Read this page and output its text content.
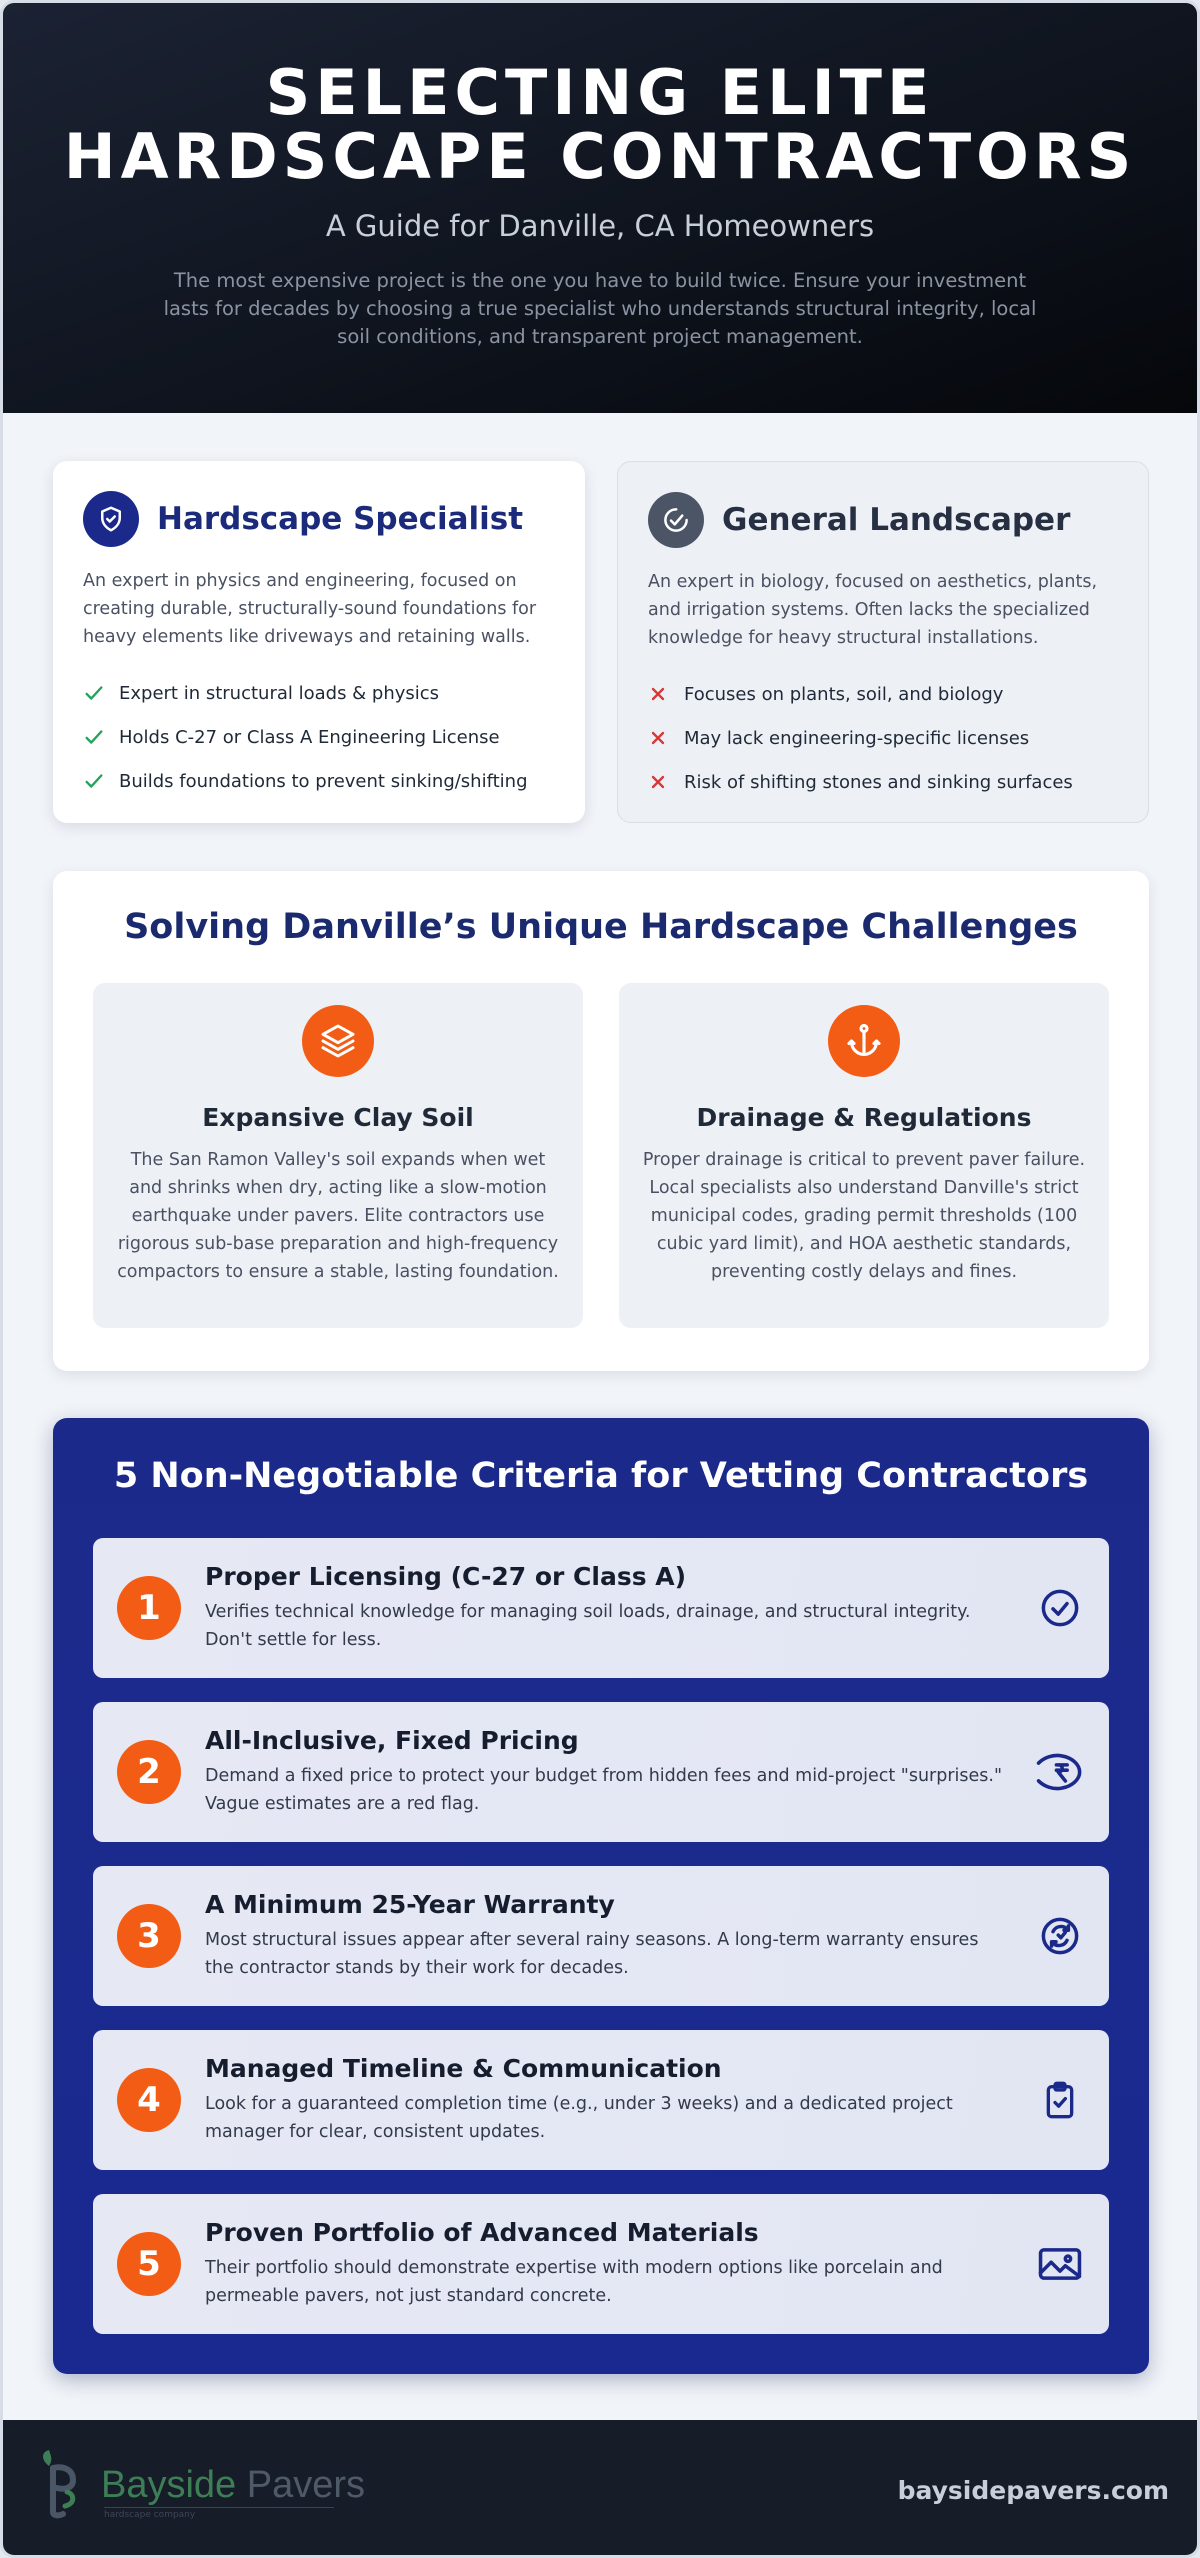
SELECTING ELITE HARDSCAPE CONTRACTORS
A Guide for Danville, CA Homeowners

The most expensive project is the one you have to build twice. Ensure your investment lasts for decades by choosing a true specialist who understands structural integrity, local soil conditions, and transparent project management.

Hardscape Specialist

An expert in physics and engineering, focused on creating durable, structurally-sound foundations for heavy elements like driveways and retaining walls.

Expert in structural loads & physics
Holds C-27 or Class A Engineering License
Builds foundations to prevent sinking/shifting
General Landscaper

An expert in biology, focused on aesthetics, plants, and irrigation systems. Often lacks the specialized knowledge for heavy structural installations.

Focuses on plants, soil, and biology
May lack engineering-specific licenses
Risk of shifting stones and sinking surfaces
Solving Danville’s Unique Hardscape Challenges
Expansive Clay Soil

The San Ramon Valley's soil expands when wet and shrinks when dry, acting like a slow-motion earthquake under pavers. Elite contractors use rigorous sub-base preparation and high-frequency compactors to ensure a stable, lasting foundation.

Drainage & Regulations

Proper drainage is critical to prevent paver failure. Local specialists also understand Danville's strict municipal codes, grading permit thresholds (100 cubic yard limit), and HOA aesthetic standards, preventing costly delays and fines.

5 Non-Negotiable Criteria for Vetting Contractors
1
Proper Licensing (C-27 or Class A)
Verifies technical knowledge for managing soil loads, drainage, and structural integrity. Don't settle for less.
2
All-Inclusive, Fixed Pricing
Demand a fixed price to protect your budget from hidden fees and mid-project "surprises." Vague estimates are a red flag.
3
A Minimum 25-Year Warranty
Most structural issues appear after several rainy seasons. A long-term warranty ensures the contractor stands by their work for decades.
4
Managed Timeline & Communication
Look for a guaranteed completion time (e.g., under 3 weeks) and a dedicated project manager for clear, consistent updates.
5
Proven Portfolio of Advanced Materials
Their portfolio should demonstrate expertise with modern options like porcelain and permeable pavers, not just standard concrete.
Bayside Pavers
hardscape company
baysidepavers.com
